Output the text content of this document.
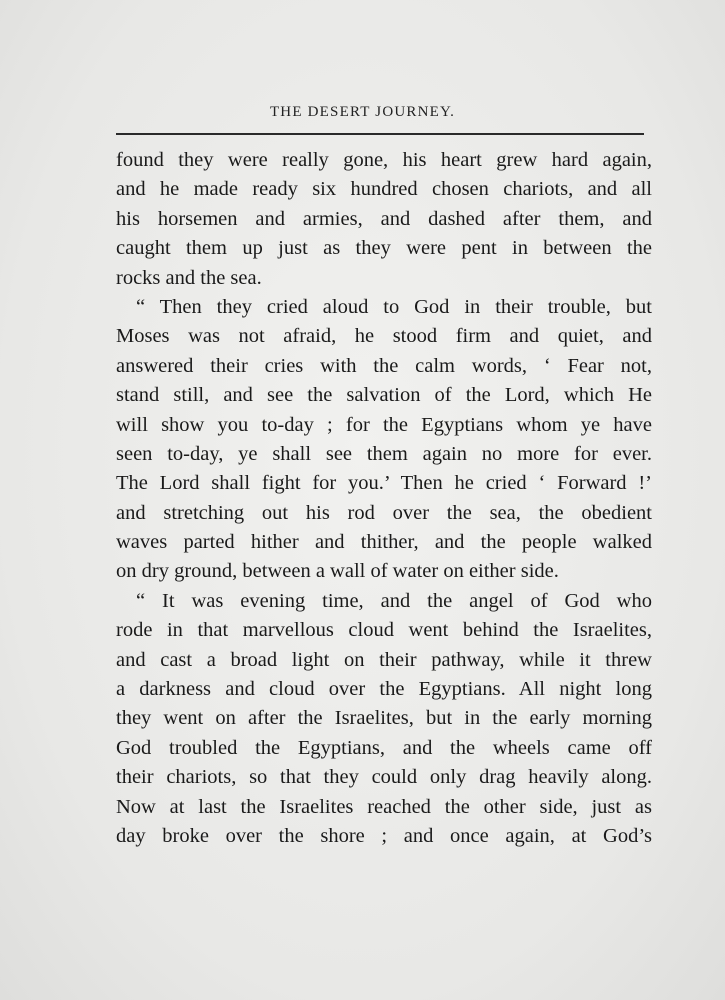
THE DESERT JOURNEY.
found they were really gone, his heart grew hard again,
and he made ready six hundred chosen chariots, and all
his horsemen and armies, and dashed after them, and
caught them up just as they were pent in between the
rocks and the sea.
“ Then they cried aloud to God in their trouble, but
Moses was not afraid, he stood firm and quiet, and
answered their cries with the calm words, ‘ Fear not,
stand still, and see the salvation of the Lord, which He
will show you to-day ; for the Egyptians whom ye have
seen to-day, ye shall see them again no more for ever.
The Lord shall fight for you.’ Then he cried ‘ Forward !’
and stretching out his rod over the sea, the obedient
waves parted hither and thither, and the people walked
on dry ground, between a wall of water on either side.
“ It was evening time, and the angel of God who
rode in that marvellous cloud went behind the Israelites,
and cast a broad light on their pathway, while it threw
a darkness and cloud over the Egyptians. All night long
they went on after the Israelites, but in the early morning
God troubled the Egyptians, and the wheels came off
their chariots, so that they could only drag heavily along.
Now at last the Israelites reached the other side, just as
day broke over the shore ; and once again, at God’s
